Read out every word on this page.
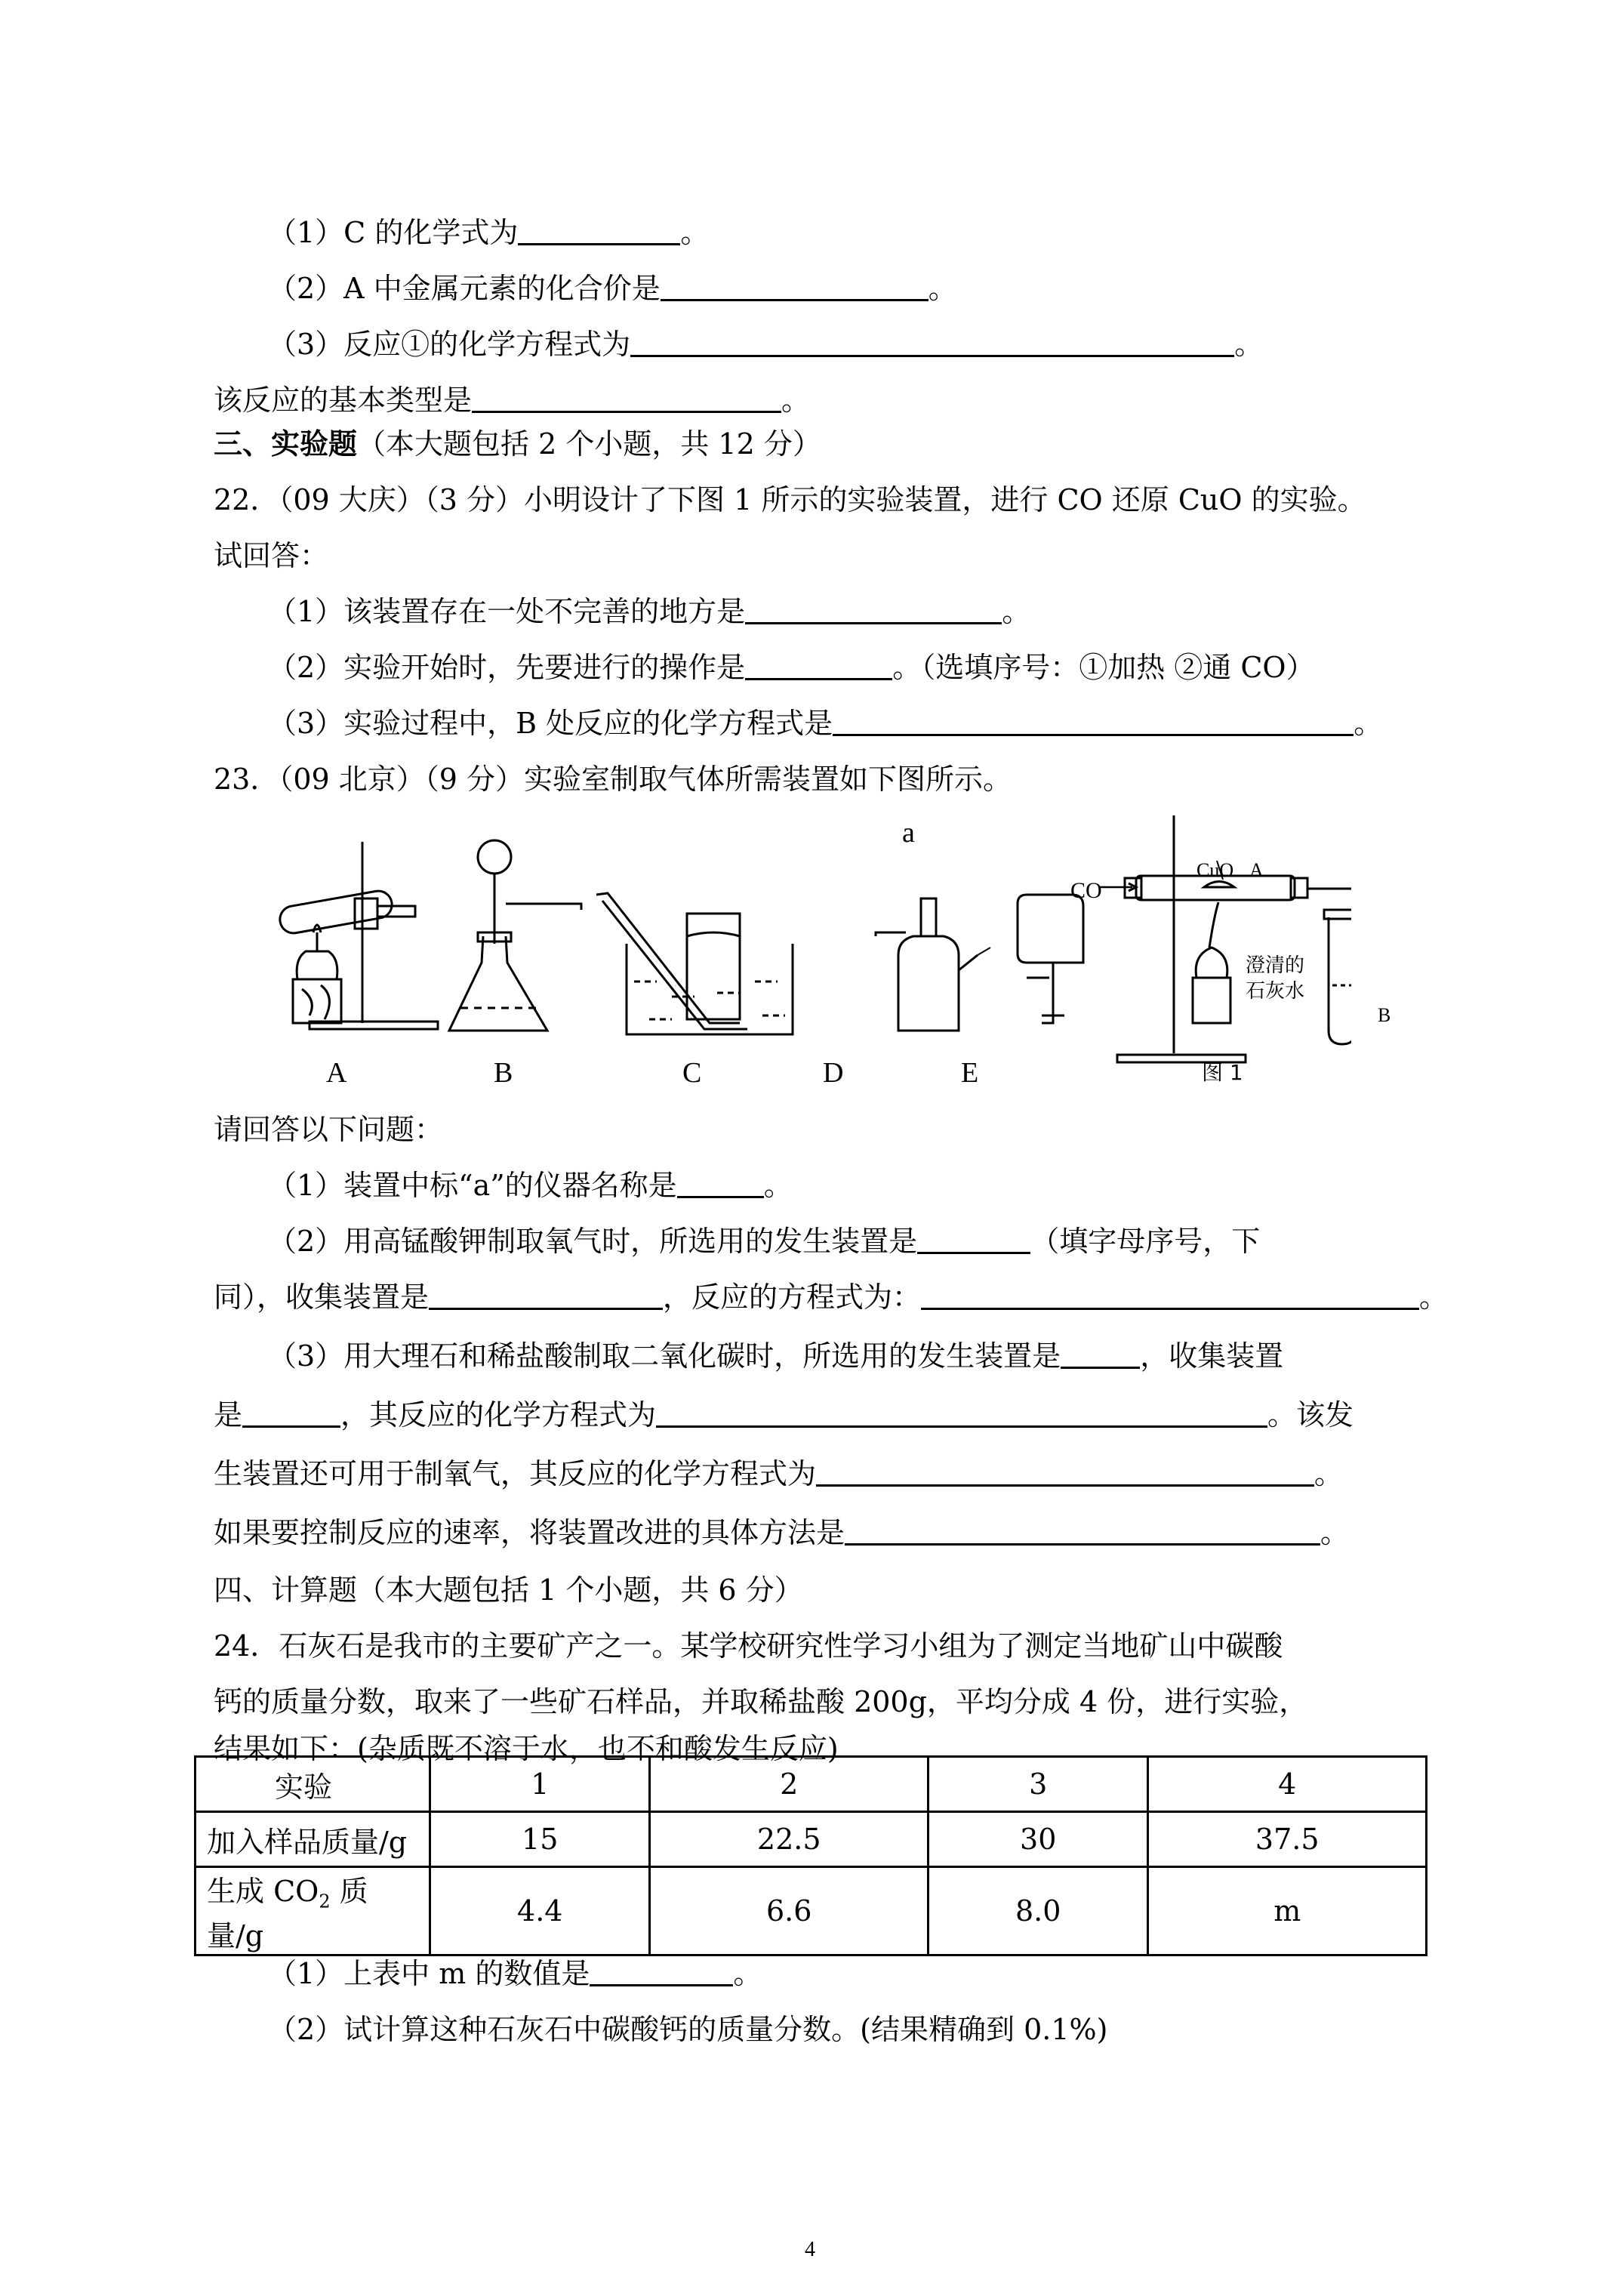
（1）C 的化学式为	。
（2）A 中金属元素的化合价是	。
（3）反应①的化学方程式为	。
该反应的基本类型是	。
三、实验题（本大题包括 2 个小题，共 12 分）
22．（09 大庆）（3 分）小明设计了下图 1 所示的实验装置，进行 CO 还原 CuO 的实验。
试回答：
（1）该装置存在一处不完善的地方是	。
（2）实验开始时，先要进行的操作是	。（选填序号：①加热 ②通 CO）
（3）实验过程中，B 处反应的化学方程式是	。
23．（09 北京）（9 分）实验室制取气体所需装置如下图所示。
a
CO
CuO A
澄清的
石灰水
B
图 1
A	B	C	D	E
请回答以下问题：
（1）装置中标“a”的仪器名称是	。
（2）用高锰酸钾制取氧气时，所选用的发生装置是	（填字母序号，下
同），收集装置是	，反应的方程式为：	。
（3）用大理石和稀盐酸制取二氧化碳时，所选用的发生装置是	，收集装置
是	，其反应的化学方程式为	。该发
生装置还可用于制氧气，其反应的化学方程式为	。
如果要控制反应的速率，将装置改进的具体方法是	。
四、计算题（本大题包括 1 个小题，共 6 分）
24．石灰石是我市的主要矿产之一。某学校研究性学习小组为了测定当地矿山中碳酸
钙的质量分数，取来了一些矿石样品，并取稀盐酸 200g，平均分成 4 份，进行实验，
结果如下：(杂质既不溶于水，也不和酸发生反应)
实验	1	2	3	4
加入样品质量/g	15	22.5	30	37.5
生成 $CO_2$ 质量/g	4.4	6.6	8.0	m
（1）上表中 m 的数值是	。
（2）试计算这种石灰石中碳酸钙的质量分数。(结果精确到 0.1%)
4
